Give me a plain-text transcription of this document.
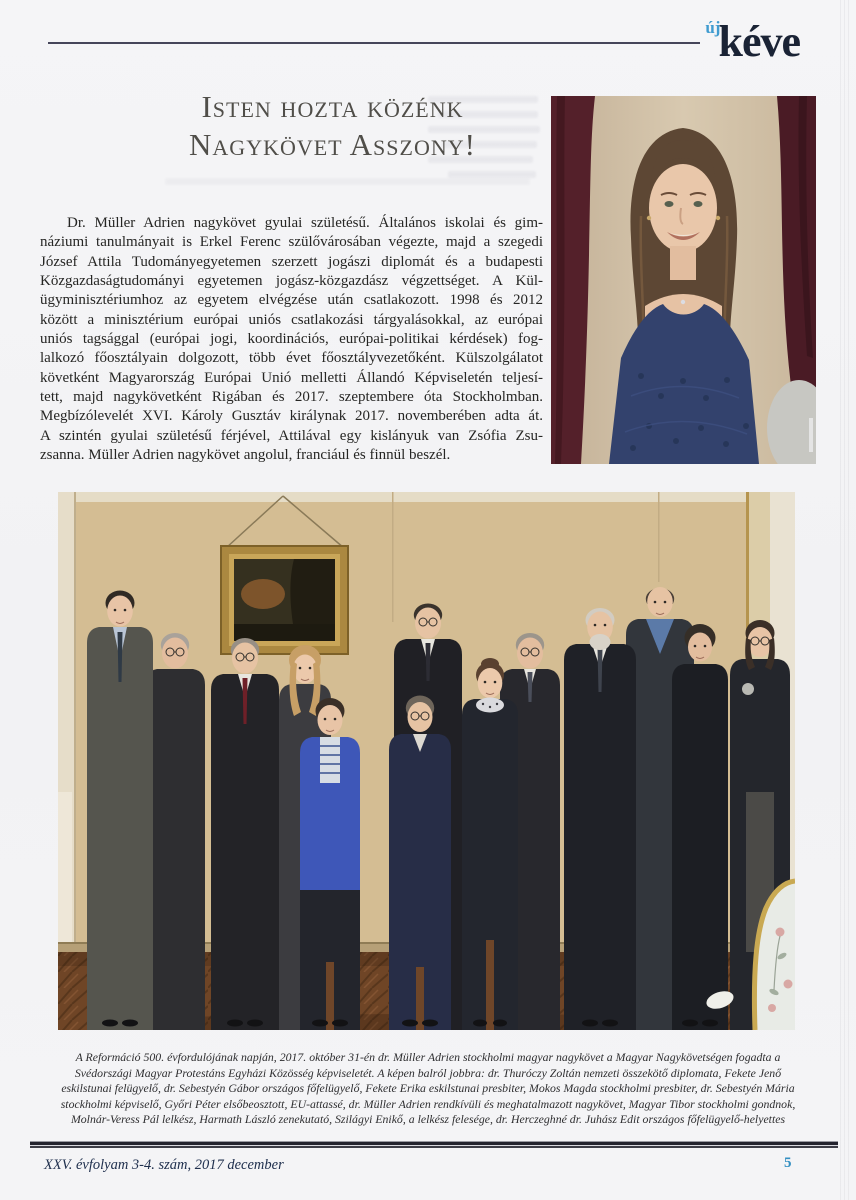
új
kéve
Isten hozta közénk
Nagykövet Asszony!
Dr. Müller Adrien nagykövet gyulai születésű. Általános iskolai és gim-
náziumi tanulmányait is Erkel Ferenc szülővárosában végezte, majd a szegedi
József Attila Tudományegyetemen szerzett jogászi diplomát és a budapesti
Közgazdaságtudományi egyetemen jogász-közgazdász végzettséget. A Kül-
ügyminisztériumhoz az egyetem elvégzése után csatlakozott. 1998 és 2012
között a minisztérium európai uniós csatlakozási tárgyalásokkal, az európai
uniós tagsággal (európai jogi, koordinációs, európai-politikai kérdések) fog-
lalkozó főosztályain dolgozott, több évet főosztályvezetőként. Külszolgálatot
követként Magyarország Európai Unió melletti Állandó Képviseletén teljesí-
tett, majd nagykövetként Rigában és 2017. szeptembere óta Stockholmban.
Megbízólevelét XVI. Károly Gusztáv királynak 2017. novemberében adta át.
A szintén gyulai születésű férjével, Attilával egy kislányuk van Zsófia Zsu-
zsanna. Müller Adrien nagykövet angolul, franciául és finnül beszél.
A Reformáció 500. évfordulójának napján, 2017. október 31-én dr. Müller Adrien stockholmi magyar nagykövet a Magyar Nagykövetségen fogadta a
Svédországi Magyar Protestáns Egyházi Közösség képviseletét. A képen balról jobbra: dr. Thuróczy Zoltán nemzeti összekötő diplomata, Fekete Jenő
eskilstunai felügyelő, dr. Sebestyén Gábor országos főfelügyelő, Fekete Erika eskilstunai presbiter, Mokos Magda stockholmi presbiter, dr. Sebestyén Mária
stockholmi képviselő, Győri Péter elsőbeosztott, EU-attassé, dr. Müller Adrien rendkívüli és meghatalmazott nagykövet, Magyar Tibor stockholmi gondnok,
Molnár-Veress Pál lelkész, Harmath László zenekutató, Szilágyi Enikő, a lelkész felesége, dr. Herczeghné dr. Juhász Edit országos főfelügyelő-helyettes
XXV. évfolyam 3-4. szám, 2017 december	5
